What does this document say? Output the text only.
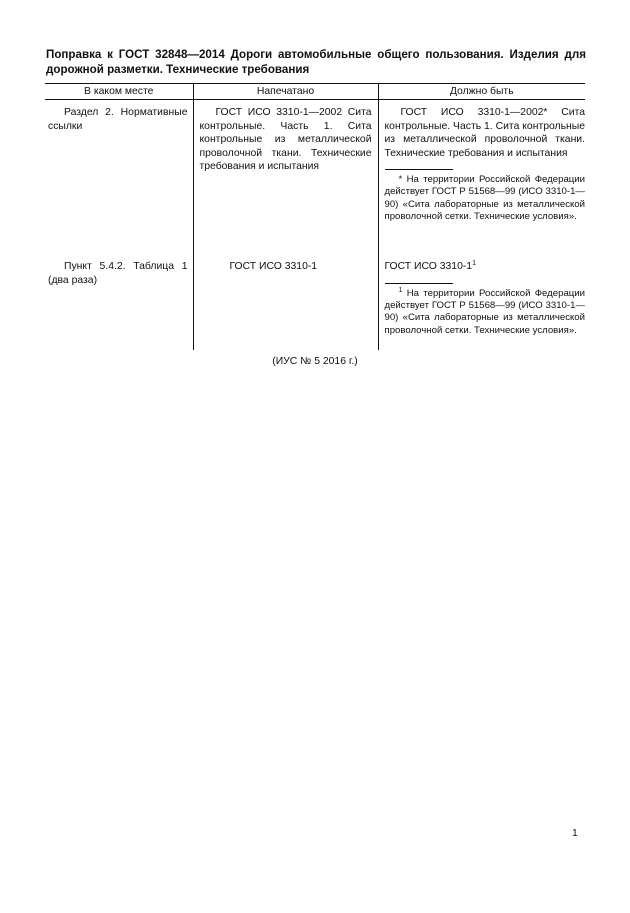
Поправка к ГОСТ 32848—2014 Дороги автомобильные общего пользования. Изделия для дорожной разметки. Технические требования
В каком месте	Напечатано	Должно быть

Раздел 2. Нормативные ссылки	ГОСТ ИСО 3310-1—2002 Сита контрольные. Часть 1. Сита контрольные из металлической проволочной ткани. Технические требования и испытания	ГОСТ ИСО 3310-1—2002* Сита контрольные. Часть 1. Сита контрольные из металлической проволочной ткани. Технические требования и испытания

* На территории Российской Федерации действует ГОСТ Р 51568—99 (ИСО 3310-1—90) «Сита лабораторные из металлической проволочной сетки. Технические условия».

Пункт 5.4.2. Таблица 1 (два раза)	ГОСТ ИСО 3310-1	ГОСТ ИСО $3310-1^1$

$^1$ На территории Российской Федерации действует ГОСТ Р 51568—99 (ИСО 3310-1—90) «Сита лабораторные из металлической проволочной сетки. Технические условия».

(ИУС № 5 2016 г.)
1
